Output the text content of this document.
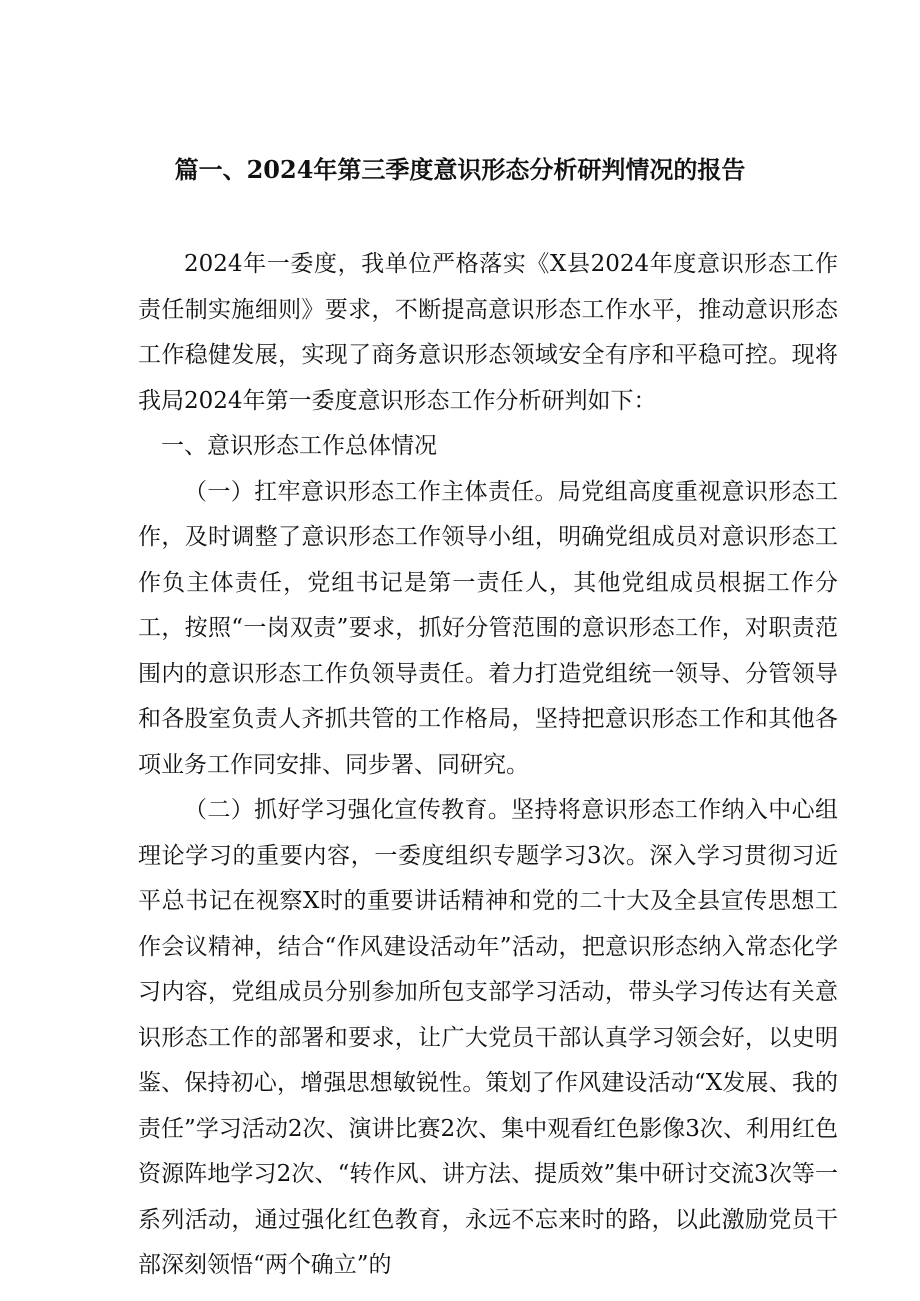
篇一、2024年第三季度意识形态分析研判情况的报告

2024年一委度，我单位严格落实《X县2024年度意识形态工作责任制实施细则》要求，不断提高意识形态工作水平，推动意识形态工作稳健发展，实现了商务意识形态领域安全有序和平稳可控。现将我局2024年第一委度意识形态工作分析研判如下：

一、意识形态工作总体情况

（一）扛牢意识形态工作主体责任。局党组高度重视意识形态工作，及时调整了意识形态工作领导小组，明确党组成员对意识形态工作负主体责任，党组书记是第一责任人，其他党组成员根据工作分工，按照“一岗双责”要求，抓好分管范围的意识形态工作，对职责范围内的意识形态工作负领导责任。着力打造党组统一领导、分管领导和各股室负责人齐抓共管的工作格局，坚持把意识形态工作和其他各项业务工作同安排、同步署、同研究。

（二）抓好学习强化宣传教育。坚持将意识形态工作纳入中心组理论学习的重要内容，一委度组织专题学习3次。深入学习贯彻习近平总书记在视察X时的重要讲话精神和党的二十大及全县宣传思想工作会议精神，结合“作风建设活动年”活动，把意识形态纳入常态化学习内容，党组成员分别参加所包支部学习活动，带头学习传达有关意识形态工作的部署和要求，让广大党员干部认真学习领会好，以史明鉴、保持初心，增强思想敏锐性。策划了作风建设活动“X发展、我的责任”学习活动2次、演讲比赛2次、集中观看红色影像3次、利用红色资源阵地学习2次、“转作风、讲方法、提质效”集中研讨交流3次等一系列活动，通过强化红色教育，永远不忘来时的路，以此激励党员干部深刻领悟“两个确立”的
